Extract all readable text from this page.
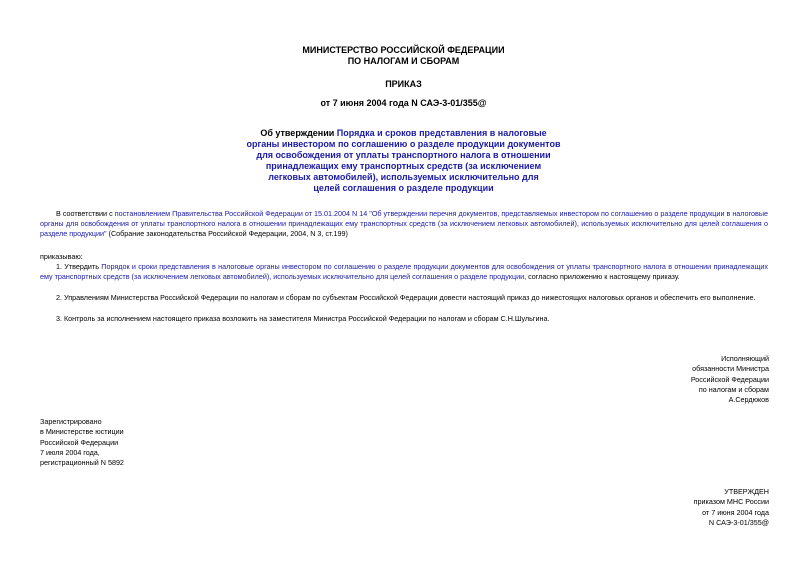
МИНИСТЕРСТВО РОССИЙСКОЙ ФЕДЕРАЦИИ
ПО НАЛОГАМ И СБОРАМ
ПРИКАЗ
от 7 июня 2004 года N САЭ-3-01/355@
Об утверждении Порядка и сроков представления в налоговые
органы инвестором по соглашению о разделе продукции документов
для освобождения от уплаты транспортного налога в отношении
принадлежащих ему транспортных средств (за исключением
легковых автомобилей), используемых исключительно для
целей соглашения о разделе продукции
В соответствии с постановлением Правительства Российской Федерации от 15.01.2004 N 14 "Об утверждении перечня документов, представляемых инвестором по соглашению о разделе продукции в налоговые органы для освобождения от уплаты транспортного налога в отношении принадлежащих ему транспортных средств (за исключением легковых автомобилей), используемых исключительно для целей соглашения о разделе продукции" (Собрание законодательства Российской Федерации, 2004, N 3, ст.199)
приказываю:
1. Утвердить Порядок и сроки представления в налоговые органы инвестором по соглашению о разделе продукции документов для освобождения от уплаты транспортного налога в отношении принадлежащих ему транспортных средств (за исключением легковых автомобилей), используемых исключительно для целей соглашения о разделе продукции, согласно приложению к настоящему приказу.
2. Управлениям Министерства Российской Федерации по налогам и сборам по субъектам Российской Федерации довести настоящий приказ до нижестоящих налоговых органов и обеспечить его выполнение.
3. Контроль за исполнением настоящего приказа возложить на заместителя Министра Российской Федерации по налогам и сборам С.Н.Шульгина.
Исполняющий
обязанности Министра
Российской Федерации
по налогам и сборам
А.Сердюков
Зарегистрировано
в Министерстве юстиции
Российской Федерации
7 июля 2004 года,
регистрационный N 5892
УТВЕРЖДЕН
приказом МНС России
от 7 июня 2004 года
N САЭ-3-01/355@
